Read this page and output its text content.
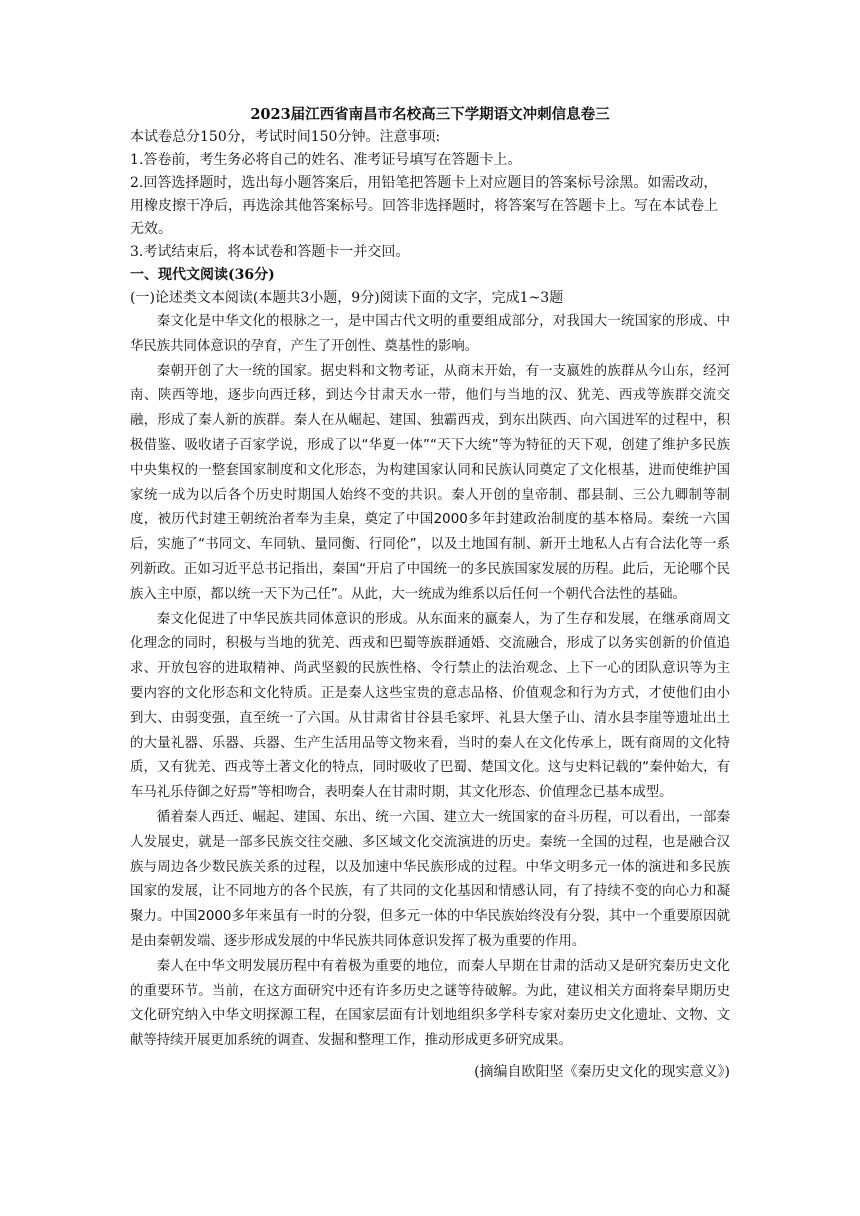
2023届江西省南昌市名校高三下学期语文冲刺信息卷三

本试卷总分150分，考试时间150分钟。注意事项:

1.答卷前，考生务必将自己的姓名、准考证号填写在答题卡上。

2.回答选择题时，选出每小题答案后，用铅笔把答题卡上对应题目的答案标号涂黑。如需改动，用橡皮擦干净后，再选涂其他答案标号。回答非选择题时，将答案写在答题卡上。写在本试卷上无效。

3.考试结束后，将本试卷和答题卡一并交回。

一、现代文阅读(36分)

(一)论述类文本阅读(本题共3小题，9分)阅读下面的文字，完成1~3题

秦文化是中华文化的根脉之一，是中国古代文明的重要组成部分，对我国大一统国家的形成、中华民族共同体意识的孕育，产生了开创性、奠基性的影响。

秦朝开创了大一统的国家。据史料和文物考证，从商末开始，有一支嬴姓的族群从今山东，经河南、陕西等地，逐步向西迁移，到达今甘肃天水一带，他们与当地的汉、犹羌、西戎等族群交流交融，形成了秦人新的族群。秦人在从崛起、建国、独霸西戎，到东出陕西、向六国进军的过程中，积极借鉴、吸收诸子百家学说，形成了以“华夏一体”“天下大统”等为特征的天下观，创建了维护多民族中央集权的一整套国家制度和文化形态，为构建国家认同和民族认同奠定了文化根基，进而使维护国家统一成为以后各个历史时期国人始终不变的共识。秦人开创的皇帝制、郡县制、三公九卿制等制度，被历代封建王朝统治者奉为圭臬，奠定了中国2000多年封建政治制度的基本格局。秦统一六国后，实施了“书同文、车同轨、量同衡、行同伦”，以及土地国有制、新开土地私人占有合法化等一系列新政。正如习近平总书记指出，秦国“开启了中国统一的多民族国家发展的历程。此后，无论哪个民族入主中原，都以统一天下为己任”。从此，大一统成为维系以后任何一个朝代合法性的基础。

秦文化促进了中华民族共同体意识的形成。从东面来的嬴秦人，为了生存和发展，在继承商周文化理念的同时，积极与当地的犹羌、西戎和巴蜀等族群通婚、交流融合，形成了以务实创新的价值追求、开放包容的进取精神、尚武坚毅的民族性格、令行禁止的法治观念、上下一心的团队意识等为主要内容的文化形态和文化特质。正是秦人这些宝贵的意志品格、价值观念和行为方式，才使他们由小到大、由弱变强，直至统一了六国。从甘肃省甘谷县毛家坪、礼县大堡子山、清水县李崖等遗址出土的大量礼器、乐器、兵器、生产生活用品等文物来看，当时的秦人在文化传承上，既有商周的文化特质，又有犹羌、西戎等土著文化的特点，同时吸收了巴蜀、楚国文化。这与史料记载的“秦仲始大，有车马礼乐侍御之好焉”等相吻合，表明秦人在甘肃时期，其文化形态、价值理念已基本成型。

循着秦人西迁、崛起、建国、东出、统一六国、建立大一统国家的奋斗历程，可以看出，一部秦人发展史，就是一部多民族交往交融、多区域文化交流演进的历史。秦统一全国的过程，也是融合汉族与周边各少数民族关系的过程，以及加速中华民族形成的过程。中华文明多元一体的演进和多民族国家的发展，让不同地方的各个民族，有了共同的文化基因和情感认同，有了持续不变的向心力和凝聚力。中国2000多年来虽有一时的分裂，但多元一体的中华民族始终没有分裂，其中一个重要原因就是由秦朝发端、逐步形成发展的中华民族共同体意识发挥了极为重要的作用。

秦人在中华文明发展历程中有着极为重要的地位，而秦人早期在甘肃的活动又是研究秦历史文化的重要环节。当前，在这方面研究中还有许多历史之谜等待破解。为此，建议相关方面将秦早期历史文化研究纳入中华文明探源工程，在国家层面有计划地组织多学科专家对秦历史文化遗址、文物、文献等持续开展更加系统的调查、发掘和整理工作，推动形成更多研究成果。

(摘编自欧阳坚《秦历史文化的现实意义》)
